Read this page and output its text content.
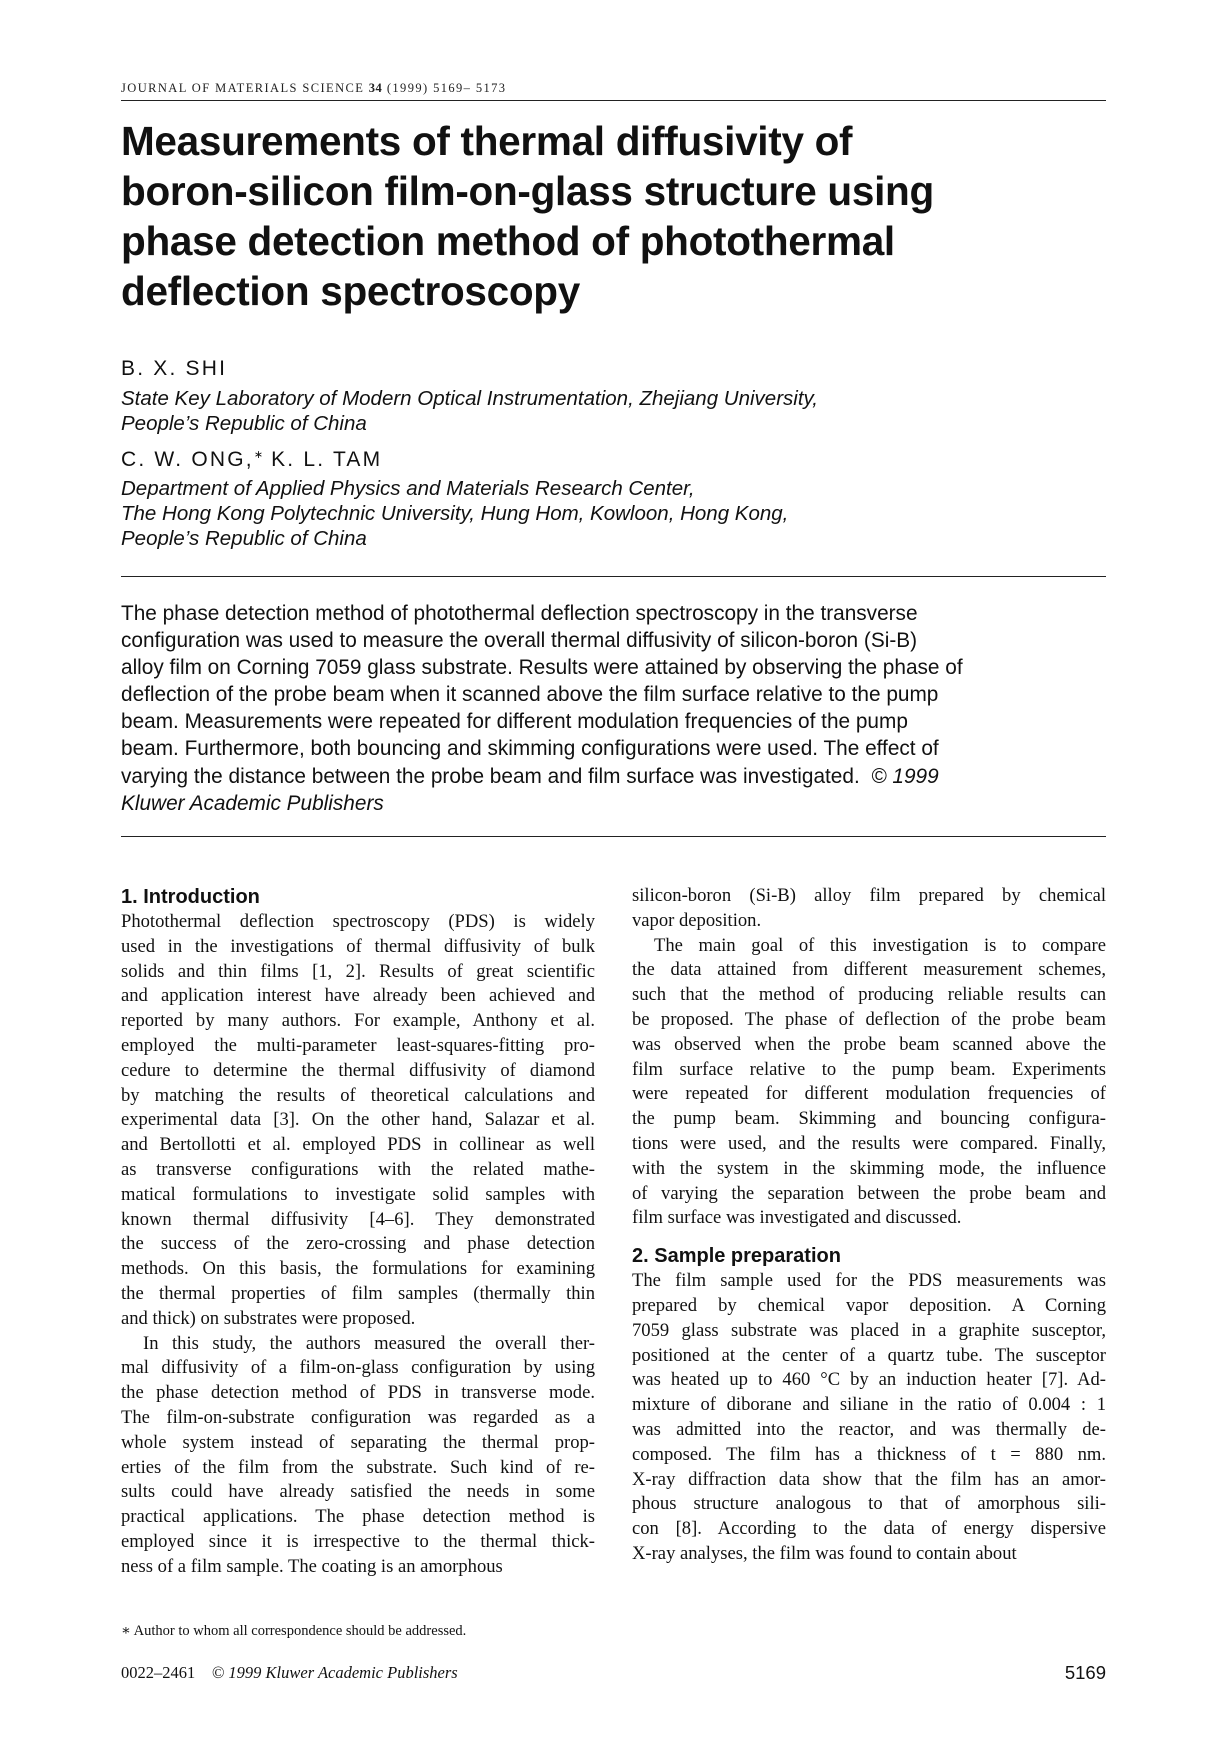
JOURNAL OF MATERIALS SCIENCE 34 (1999) 5169– 5173
Measurements of thermal diffusivity of
boron-silicon film-on-glass structure using
phase detection method of photothermal
deflection spectroscopy
B. X. SHI
State Key Laboratory of Modern Optical Instrumentation, Zhejiang University,
People’s Republic of China
C. W. ONG,∗ K. L. TAM
Department of Applied Physics and Materials Research Center,
The Hong Kong Polytechnic University, Hung Hom, Kowloon, Hong Kong,
People’s Republic of China
The phase detection method of photothermal deflection spectroscopy in the transverse
configuration was used to measure the overall thermal diffusivity of silicon-boron (Si-B)
alloy film on Corning 7059 glass substrate. Results were attained by observing the phase of
deflection of the probe beam when it scanned above the film surface relative to the pump
beam. Measurements were repeated for different modulation frequencies of the pump
beam. Furthermore, both bouncing and skimming configurations were used. The effect of
varying the distance between the probe beam and film surface was investigated. © 1999
Kluwer Academic Publishers
1. Introduction
Photothermal deflection spectroscopy (PDS) is widely
used in the investigations of thermal diffusivity of bulk
solids and thin films [1, 2]. Results of great scientific
and application interest have already been achieved and
reported by many authors. For example, Anthony et al.
employed the multi-parameter least-squares-fitting pro-
cedure to determine the thermal diffusivity of diamond
by matching the results of theoretical calculations and
experimental data [3]. On the other hand, Salazar et al.
and Bertollotti et al. employed PDS in collinear as well
as transverse configurations with the related mathe-
matical formulations to investigate solid samples with
known thermal diffusivity [4–6]. They demonstrated
the success of the zero-crossing and phase detection
methods. On this basis, the formulations for examining
the thermal properties of film samples (thermally thin
and thick) on substrates were proposed.
In this study, the authors measured the overall ther-
mal diffusivity of a film-on-glass configuration by using
the phase detection method of PDS in transverse mode.
The film-on-substrate configuration was regarded as a
whole system instead of separating the thermal prop-
erties of the film from the substrate. Such kind of re-
sults could have already satisfied the needs in some
practical applications. The phase detection method is
employed since it is irrespective to the thermal thick-
ness of a film sample. The coating is an amorphous
silicon-boron (Si-B) alloy film prepared by chemical
vapor deposition.
The main goal of this investigation is to compare
the data attained from different measurement schemes,
such that the method of producing reliable results can
be proposed. The phase of deflection of the probe beam
was observed when the probe beam scanned above the
film surface relative to the pump beam. Experiments
were repeated for different modulation frequencies of
the pump beam. Skimming and bouncing configura-
tions were used, and the results were compared. Finally,
with the system in the skimming mode, the influence
of varying the separation between the probe beam and
film surface was investigated and discussed.
2. Sample preparation
The film sample used for the PDS measurements was
prepared by chemical vapor deposition. A Corning
7059 glass substrate was placed in a graphite susceptor,
positioned at the center of a quartz tube. The susceptor
was heated up to 460 °C by an induction heater [7]. Ad-
mixture of diborane and siliane in the ratio of 0.004 : 1
was admitted into the reactor, and was thermally de-
composed. The film has a thickness of t = 880 nm.
X-ray diffraction data show that the film has an amor-
phous structure analogous to that of amorphous sili-
con [8]. According to the data of energy dispersive
X-ray analyses, the film was found to contain about
∗ Author to whom all correspondence should be addressed.
0022–2461 © 1999 Kluwer Academic Publishers	5169
